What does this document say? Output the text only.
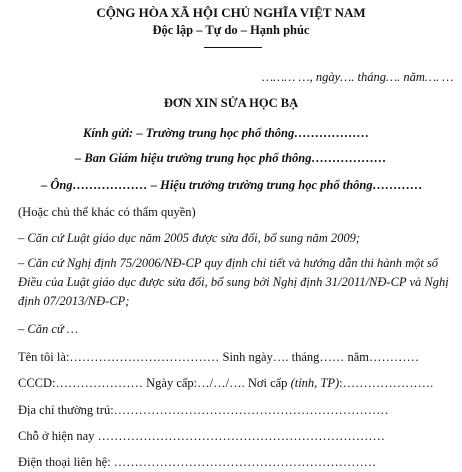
CỘNG HÒA XÃ HỘI CHỦ NGHĨA VIỆT NAM
Độc lập – Tự do – Hạnh phúc
……… …, ngày…. tháng…. năm…. …
ĐƠN XIN SỬA HỌC BẠ
Kính gửi: – Trường trung học phổ thông………………
– Ban Giám hiệu trường trung học phổ thông………………
– Ông……………… – Hiệu trưởng trường trung học phổ thông…………
(Hoặc chủ thể khác có thẩm quyền)
– Căn cứ Luật giáo dục năm 2005 được sửa đổi, bổ sung năm 2009;
– Căn cứ Nghị định 75/2006/NĐ-CP quy định chi tiết và hướng dẫn thi hành một số
Điều của Luật giáo dục được sửa đổi, bổ sung bởi Nghị định 31/2011/NĐ-CP và Nghị
định 07/2013/NĐ-CP;
– Căn cứ …
Tên tôi là:……………………………… Sinh ngày…. tháng…… năm…………
CCCD:………………… Ngày cấp:…/…/…. Nơi cấp (tỉnh, TP):………………….
Địa chỉ thường trú:…………………………………………………………
Chỗ ở hiện nay ……………………………………………………………
Điện thoại liên hệ: ………………………………………………………
